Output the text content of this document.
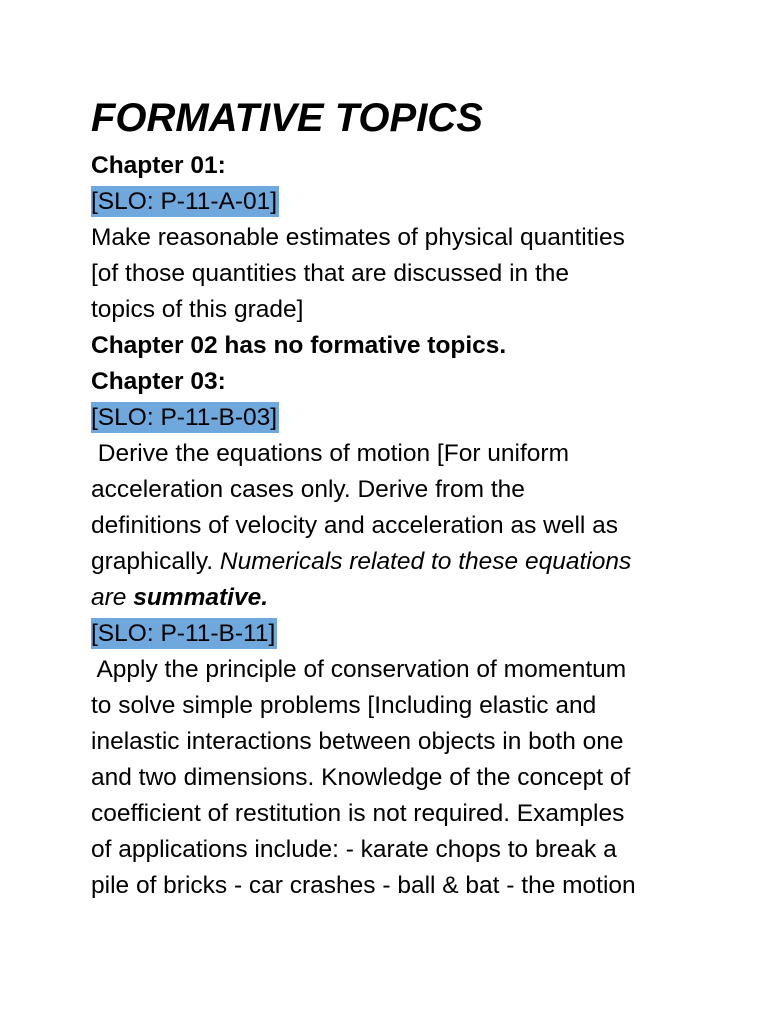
FORMATIVE TOPICS

Chapter 01:

[SLO: P-11-A-01]

Make reasonable estimates of physical quantities

[of those quantities that are discussed in the

topics of this grade]

Chapter 02 has no formative topics.

Chapter 03:

[SLO: P-11-B-03]

Derive the equations of motion [For uniform

acceleration cases only. Derive from the

definitions of velocity and acceleration as well as

graphically. Numericals related to these equations

are summative.

[SLO: P-11-B-11]

Apply the principle of conservation of momentum

to solve simple problems [Including elastic and

inelastic interactions between objects in both one

and two dimensions. Knowledge of the concept of

coefficient of restitution is not required. Examples

of applications include: - karate chops to break a

pile of bricks - car crashes - ball & bat - the motion
